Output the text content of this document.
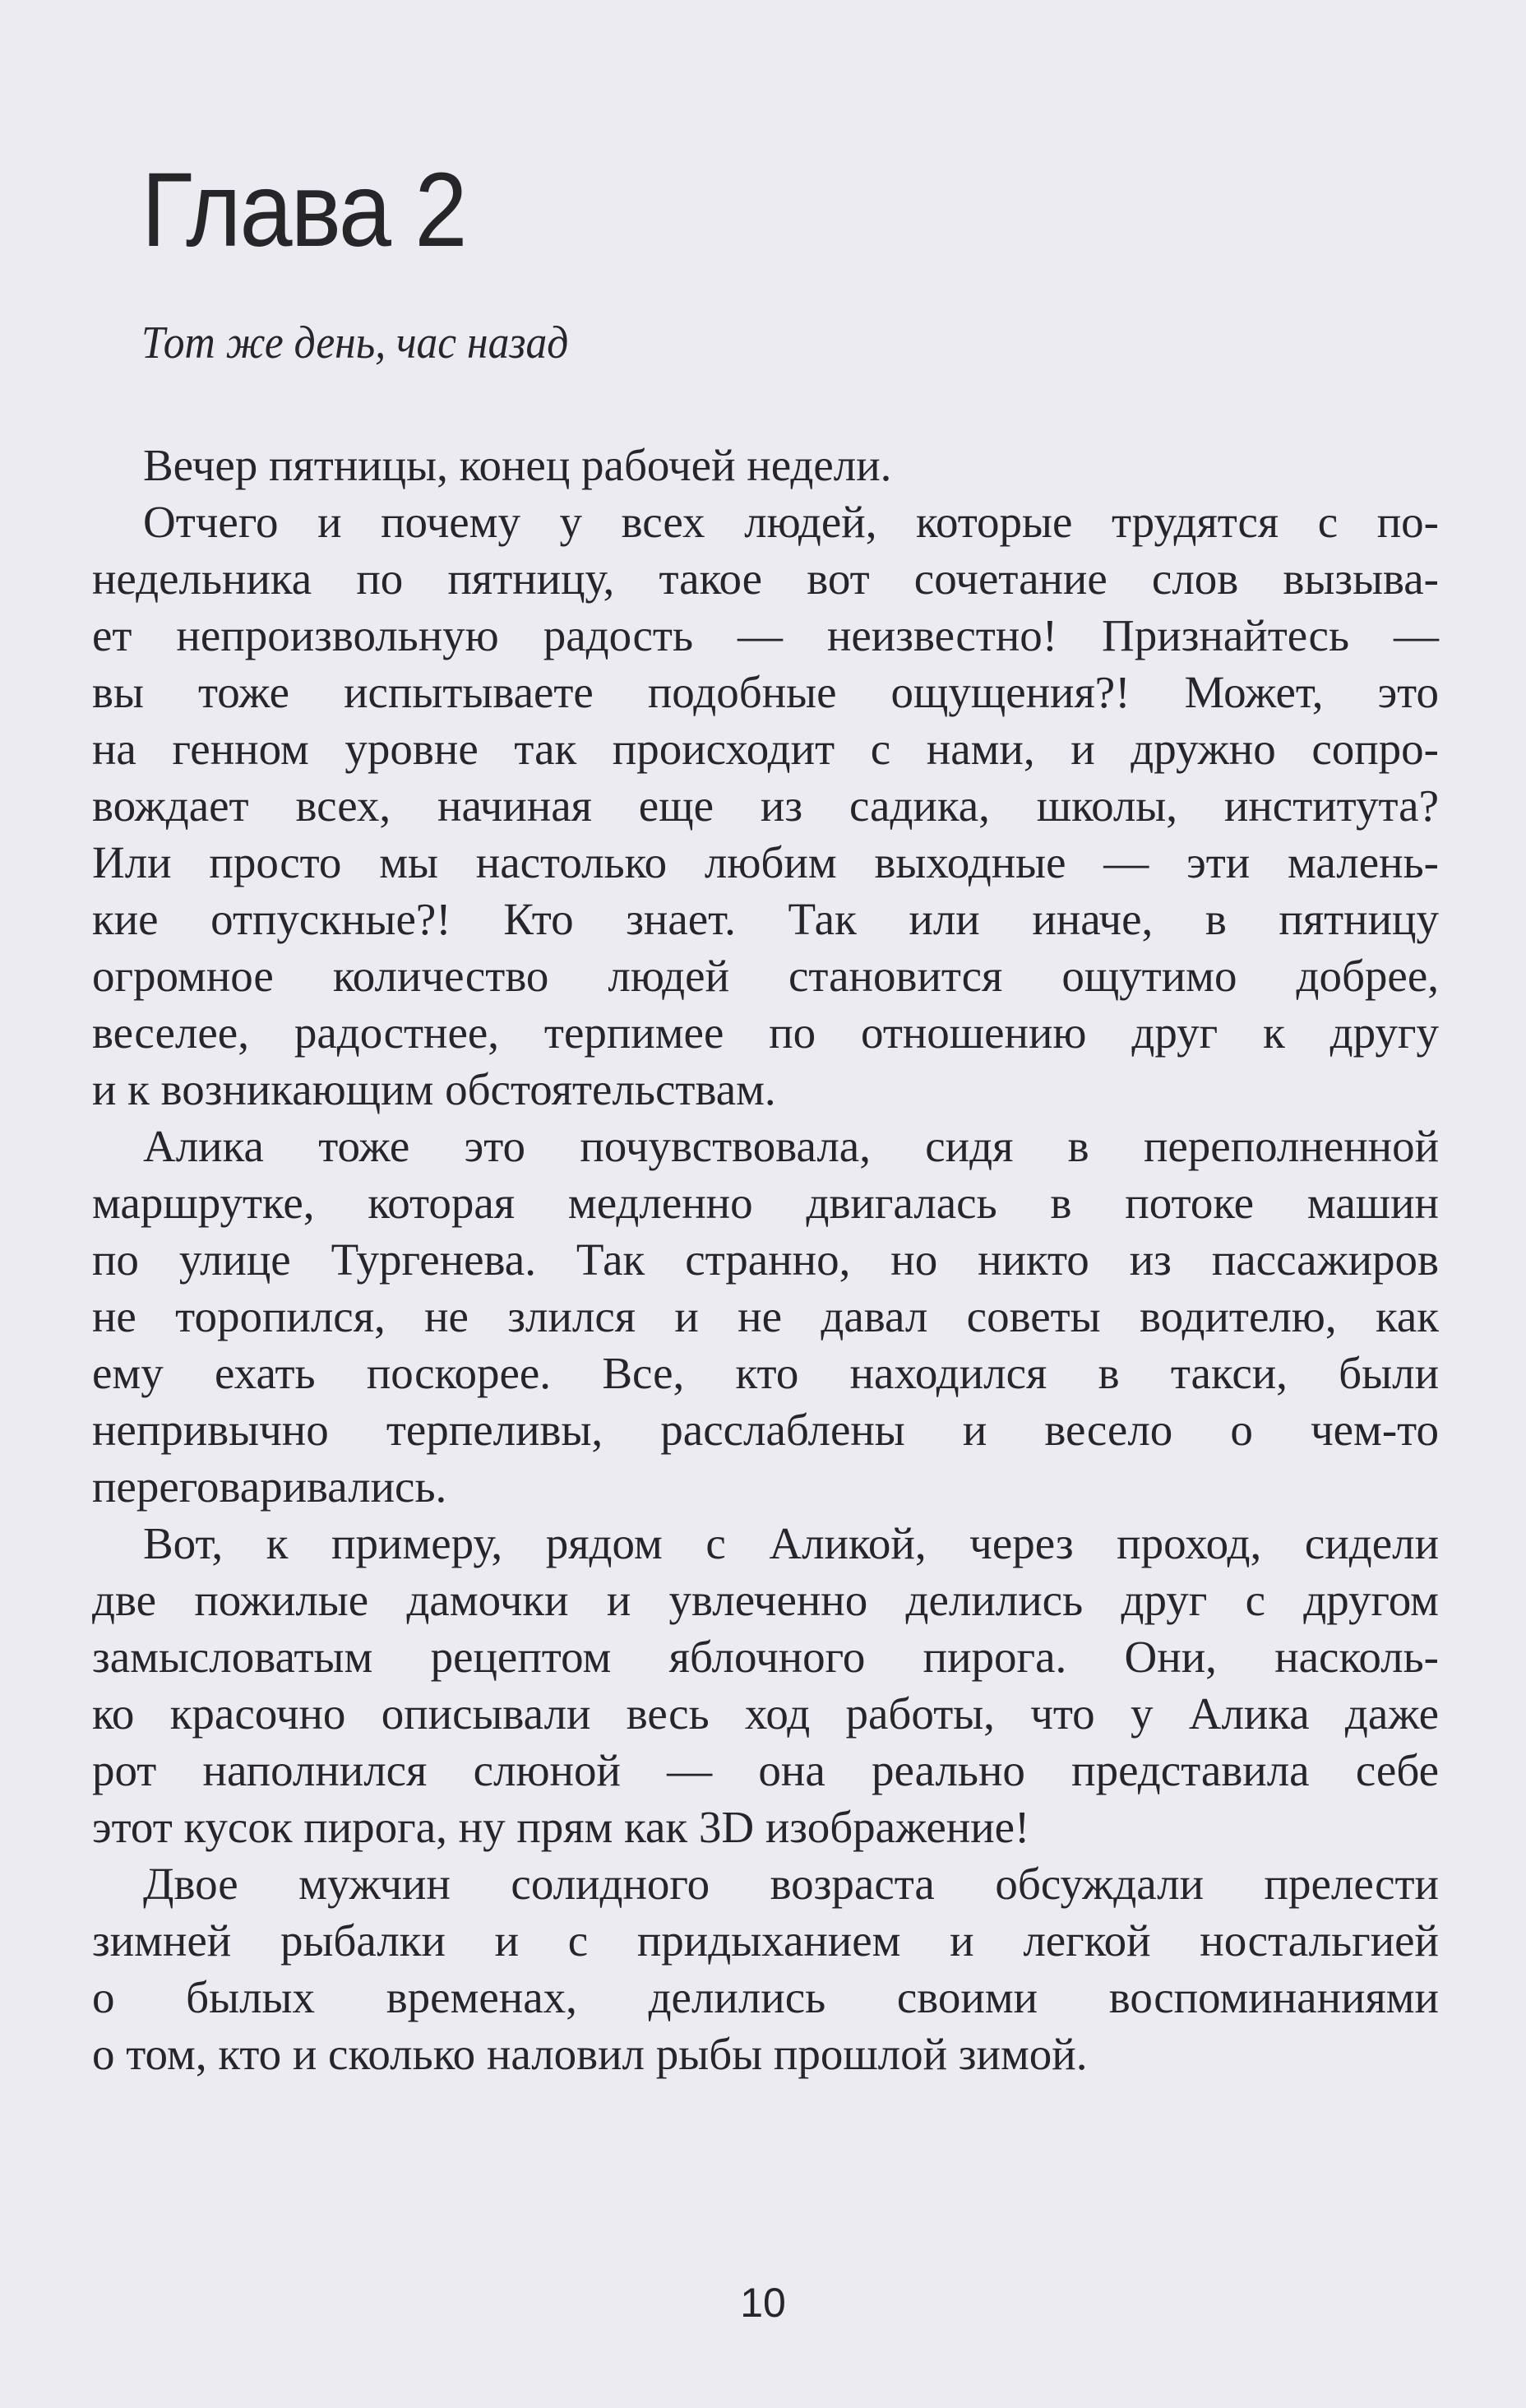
Глава 2
Тот же день, час назад
Вечер пятницы, конец рабочей недели.
Отчего и почему у всех людей, которые трудятся с по-
недельника по пятницу, такое вот сочетание слов вызыва-
ет непроизвольную радость — неизвестно! Признайтесь —
вы тоже испытываете подобные ощущения?! Может, это
на генном уровне так происходит с нами, и дружно сопро-
вождает всех, начиная еще из садика, школы, института?
Или просто мы настолько любим выходные — эти малень-
кие отпускные?! Кто знает. Так или иначе, в пятницу
огромное количество людей становится ощутимо добрее,
веселее, радостнее, терпимее по отношению друг к другу
и к возникающим обстоятельствам.
Алика тоже это почувствовала, сидя в переполненной
маршрутке, которая медленно двигалась в потоке машин
по улице Тургенева. Так странно, но никто из пассажиров
не торопился, не злился и не давал советы водителю, как
ему ехать поскорее. Все, кто находился в такси, были
непривычно терпеливы, расслаблены и весело о чем-то
переговаривались.
Вот, к примеру, рядом с Аликой, через проход, сидели
две пожилые дамочки и увлеченно делились друг с другом
замысловатым рецептом яблочного пирога. Они, насколь-
ко красочно описывали весь ход работы, что у Алика даже
рот наполнился слюной — она реально представила себе
этот кусок пирога, ну прям как 3D изображение!
Двое мужчин солидного возраста обсуждали прелести
зимней рыбалки и с придыханием и легкой ностальгией
о былых временах, делились своими воспоминаниями
о том, кто и сколько наловил рыбы прошлой зимой.
10
